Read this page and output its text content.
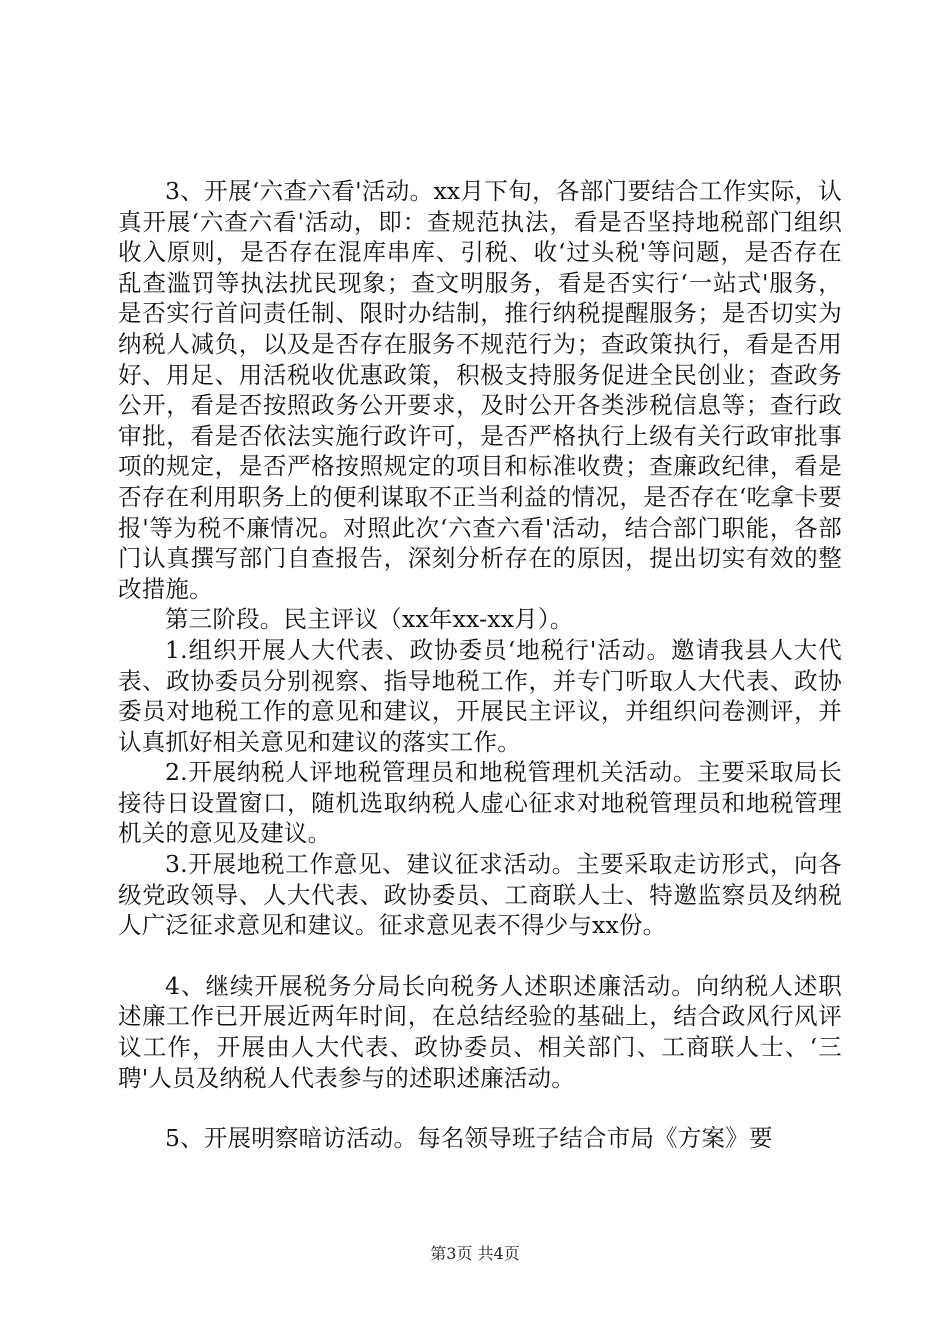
3、开展‘六查六看'活动。xx月下旬，各部门要结合工作实际，认真开展‘六查六看'活动，即：查规范执法，看是否坚持地税部门组织收入原则，是否存在混库串库、引税、收‘过头税'等问题，是否存在乱查滥罚等执法扰民现象；查文明服务，看是否实行‘一站式'服务，是否实行首问责任制、限时办结制，推行纳税提醒服务；是否切实为纳税人减负，以及是否存在服务不规范行为；查政策执行，看是否用好、用足、用活税收优惠政策，积极支持服务促进全民创业；查政务公开，看是否按照政务公开要求，及时公开各类涉税信息等；查行政审批，看是否依法实施行政许可，是否严格执行上级有关行政审批事项的规定，是否严格按照规定的项目和标准收费；查廉政纪律，看是否存在利用职务上的便利谋取不正当利益的情况，是否存在‘吃拿卡要报'等为税不廉情况。对照此次‘六查六看'活动，结合部门职能，各部门认真撰写部门自查报告，深刻分析存在的原因，提出切实有效的整改措施。

第三阶段。民主评议（xx年xx-xx月）。

1.组织开展人大代表、政协委员‘地税行'活动。邀请我县人大代表、政协委员分别视察、指导地税工作，并专门听取人大代表、政协委员对地税工作的意见和建议，开展民主评议，并组织问卷测评，并认真抓好相关意见和建议的落实工作。

2.开展纳税人评地税管理员和地税管理机关活动。主要采取局长接待日设置窗口，随机选取纳税人虚心征求对地税管理员和地税管理机关的意见及建议。

3.开展地税工作意见、建议征求活动。主要采取走访形式，向各级党政领导、人大代表、政协委员、工商联人士、特邀监察员及纳税人广泛征求意见和建议。征求意见表不得少与xx份。

4、继续开展税务分局长向税务人述职述廉活动。向纳税人述职述廉工作已开展近两年时间，在总结经验的基础上，结合政风行风评议工作，开展由人大代表、政协委员、相关部门、工商联人士、‘三聘'人员及纳税人代表参与的述职述廉活动。

5、开展明察暗访活动。每名领导班子结合市局《方案》要

第3页 共4页
